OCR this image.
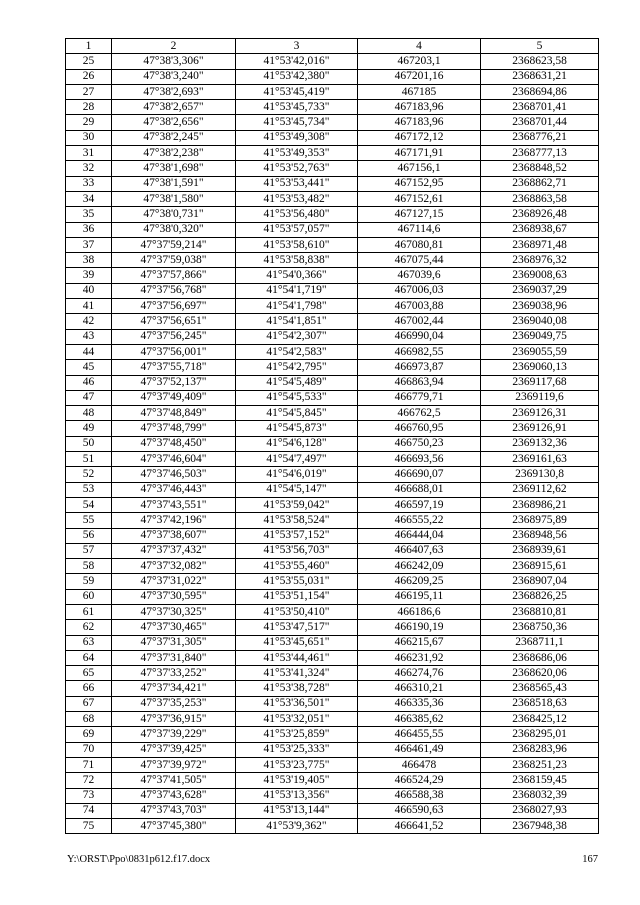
1	2	3	4	5
25	47°38'3,306"	41°53'42,016"	467203,1	2368623,58
26	47°38'3,240"	41°53'42,380"	467201,16	2368631,21
27	47°38'2,693"	41°53'45,419"	467185	2368694,86
28	47°38'2,657"	41°53'45,733"	467183,96	2368701,41
29	47°38'2,656"	41°53'45,734"	467183,96	2368701,44
30	47°38'2,245"	41°53'49,308"	467172,12	2368776,21
31	47°38'2,238"	41°53'49,353"	467171,91	2368777,13
32	47°38'1,698"	41°53'52,763"	467156,1	2368848,52
33	47°38'1,591"	41°53'53,441"	467152,95	2368862,71
34	47°38'1,580"	41°53'53,482"	467152,61	2368863,58
35	47°38'0,731"	41°53'56,480"	467127,15	2368926,48
36	47°38'0,320"	41°53'57,057"	467114,6	2368938,67
37	47°37'59,214"	41°53'58,610"	467080,81	2368971,48
38	47°37'59,038"	41°53'58,838"	467075,44	2368976,32
39	47°37'57,866"	41°54'0,366"	467039,6	2369008,63
40	47°37'56,768"	41°54'1,719"	467006,03	2369037,29
41	47°37'56,697"	41°54'1,798"	467003,88	2369038,96
42	47°37'56,651"	41°54'1,851"	467002,44	2369040,08
43	47°37'56,245"	41°54'2,307"	466990,04	2369049,75
44	47°37'56,001"	41°54'2,583"	466982,55	2369055,59
45	47°37'55,718"	41°54'2,795"	466973,87	2369060,13
46	47°37'52,137"	41°54'5,489"	466863,94	2369117,68
47	47°37'49,409"	41°54'5,533"	466779,71	2369119,6
48	47°37'48,849"	41°54'5,845"	466762,5	2369126,31
49	47°37'48,799"	41°54'5,873"	466760,95	2369126,91
50	47°37'48,450"	41°54'6,128"	466750,23	2369132,36
51	47°37'46,604"	41°54'7,497"	466693,56	2369161,63
52	47°37'46,503"	41°54'6,019"	466690,07	2369130,8
53	47°37'46,443"	41°54'5,147"	466688,01	2369112,62
54	47°37'43,551"	41°53'59,042"	466597,19	2368986,21
55	47°37'42,196"	41°53'58,524"	466555,22	2368975,89
56	47°37'38,607"	41°53'57,152"	466444,04	2368948,56
57	47°37'37,432"	41°53'56,703"	466407,63	2368939,61
58	47°37'32,082"	41°53'55,460"	466242,09	2368915,61
59	47°37'31,022"	41°53'55,031"	466209,25	2368907,04
60	47°37'30,595"	41°53'51,154"	466195,11	2368826,25
61	47°37'30,325"	41°53'50,410"	466186,6	2368810,81
62	47°37'30,465"	41°53'47,517"	466190,19	2368750,36
63	47°37'31,305"	41°53'45,651"	466215,67	2368711,1
64	47°37'31,840"	41°53'44,461"	466231,92	2368686,06
65	47°37'33,252"	41°53'41,324"	466274,76	2368620,06
66	47°37'34,421"	41°53'38,728"	466310,21	2368565,43
67	47°37'35,253"	41°53'36,501"	466335,36	2368518,63
68	47°37'36,915"	41°53'32,051"	466385,62	2368425,12
69	47°37'39,229"	41°53'25,859"	466455,55	2368295,01
70	47°37'39,425"	41°53'25,333"	466461,49	2368283,96
71	47°37'39,972"	41°53'23,775"	466478	2368251,23
72	47°37'41,505"	41°53'19,405"	466524,29	2368159,45
73	47°37'43,628"	41°53'13,356"	466588,38	2368032,39
74	47°37'43,703"	41°53'13,144"	466590,63	2368027,93
75	47°37'45,380"	41°53'9,362"	466641,52	2367948,38
Y:\ORST\Ppo\0831p612.f17.docx	167
